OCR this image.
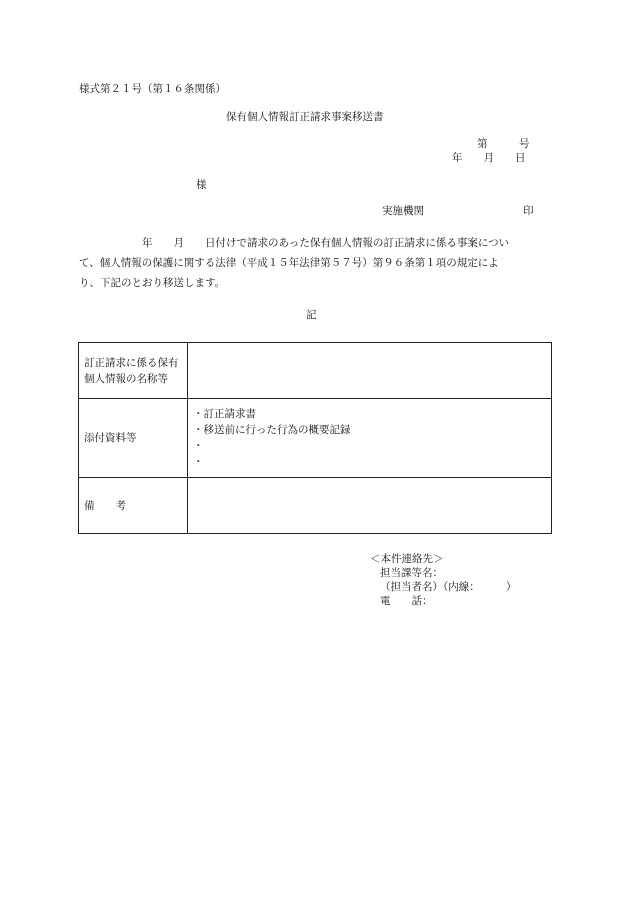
様式第２１号（第１６条関係）

保有個人情報訂正請求事案移送書

第　　　号

年　　月　　日

様

実施機関	印

　　　　　　年　　月　　日付けで請求のあった保有個人情報の訂正請求に係る事案につい
て、個人情報の保護に関する法律（平成１５年法律第５７号）第９６条第１項の規定によ
り、下記のとおり移送します。

記

訂正請求に係る保有個人情報の名称等	
添付資料等	・訂正請求書
・移送前に行った行為の概要記録
・
・

備　　考	
＜本件連絡先＞
担当課等名：
（担当者名）（内線：　　　）
電　　話：
